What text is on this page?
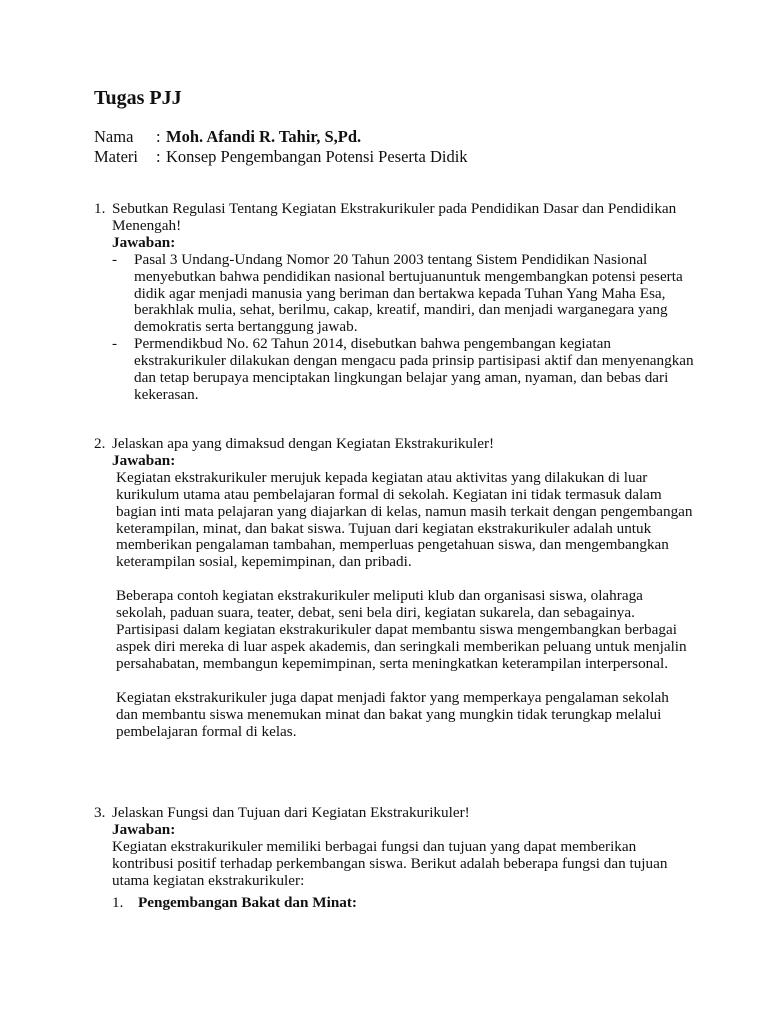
Tugas PJJ
Nama	: Moh. Afandi R. Tahir, S,Pd.
Materi	: Konsep Pengembangan Potensi Peserta Didik
1. Sebutkan Regulasi Tentang Kegiatan Ekstrakurikuler pada Pendidikan Dasar dan Pendidikan Menengah!
Jawaban:
-	Pasal 3 Undang-Undang Nomor 20 Tahun 2003 tentang Sistem Pendidikan Nasional menyebutkan bahwa pendidikan nasional bertujuanuntuk mengembangkan potensi peserta didik agar menjadi manusia yang beriman dan bertakwa kepada Tuhan Yang Maha Esa, berakhlak mulia, sehat, berilmu, cakap, kreatif, mandiri, dan menjadi warganegara yang demokratis serta bertanggung jawab.
-	Permendikbud No. 62 Tahun 2014, disebutkan bahwa pengembangan kegiatan ekstrakurikuler dilakukan dengan mengacu pada prinsip partisipasi aktif dan menyenangkan dan tetap berupaya menciptakan lingkungan belajar yang aman, nyaman, dan bebas dari kekerasan.
2. Jelaskan apa yang dimaksud dengan Kegiatan Ekstrakurikuler!
Jawaban:

Kegiatan ekstrakurikuler merujuk kepada kegiatan atau aktivitas yang dilakukan di luar kurikulum utama atau pembelajaran formal di sekolah. Kegiatan ini tidak termasuk dalam bagian inti mata pelajaran yang diajarkan di kelas, namun masih terkait dengan pengembangan keterampilan, minat, dan bakat siswa. Tujuan dari kegiatan ekstrakurikuler adalah untuk memberikan pengalaman tambahan, memperluas pengetahuan siswa, dan mengembangkan keterampilan sosial, kepemimpinan, dan pribadi.

Beberapa contoh kegiatan ekstrakurikuler meliputi klub dan organisasi siswa, olahraga sekolah, paduan suara, teater, debat, seni bela diri, kegiatan sukarela, dan sebagainya. Partisipasi dalam kegiatan ekstrakurikuler dapat membantu siswa mengembangkan berbagai aspek diri mereka di luar aspek akademis, dan seringkali memberikan peluang untuk menjalin persahabatan, membangun kepemimpinan, serta meningkatkan keterampilan interpersonal.

Kegiatan ekstrakurikuler juga dapat menjadi faktor yang memperkaya pengalaman sekolah dan membantu siswa menemukan minat dan bakat yang mungkin tidak terungkap melalui pembelajaran formal di kelas.

3. Jelaskan Fungsi dan Tujuan dari Kegiatan Ekstrakurikuler!
Jawaban:

Kegiatan ekstrakurikuler memiliki berbagai fungsi dan tujuan yang dapat memberikan kontribusi positif terhadap perkembangan siswa. Berikut adalah beberapa fungsi dan tujuan utama kegiatan ekstrakurikuler:

1. Pengembangan Bakat dan Minat:
